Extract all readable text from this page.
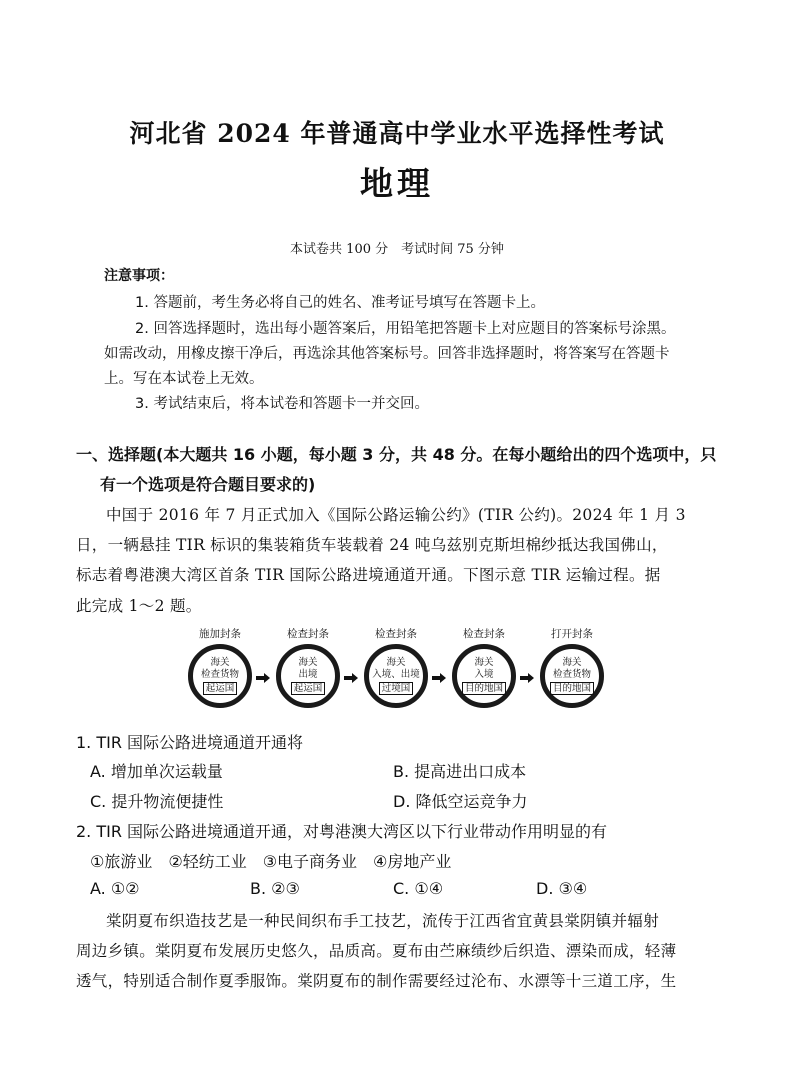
河北省 2024 年普通高中学业水平选择性考试
地理
本试卷共 100 分　考试时间 75 分钟
注意事项：
1. 答题前，考生务必将自己的姓名、准考证号填写在答题卡上。
2. 回答选择题时，选出每小题答案后，用铅笔把答题卡上对应题目的答案标号涂黑。
如需改动，用橡皮擦干净后，再选涂其他答案标号。回答非选择题时，将答案写在答题卡
上。写在本试卷上无效。
3. 考试结束后，将本试卷和答题卡一并交回。
一、选择题(本大题共 16 小题，每小题 3 分，共 48 分。在每小题给出的四个选项中，只
有一个选项是符合题目要求的)
中国于 2016 年 7 月正式加入《国际公路运输公约》(TIR 公约)。2024 年 1 月 3
日，一辆悬挂 TIR 标识的集装箱货车装载着 24 吨乌兹别克斯坦棉纱抵达我国佛山，
标志着粤港澳大湾区首条 TIR 国际公路进境通道开通。下图示意 TIR 运输过程。据
此完成 1～2 题。
施加封条
海关
检查货物
起运国
检查封条
海关
出境
起运国
检查封条
海关
入境、出境
过境国
检查封条
海关
入境
目的地国
打开封条
海关
检查货物
目的地国
1. TIR 国际公路进境通道开通将
A. 增加单次运载量	B. 提高进出口成本
C. 提升物流便捷性	D. 降低空运竞争力
2. TIR 国际公路进境通道开通，对粤港澳大湾区以下行业带动作用明显的有
①旅游业　②轻纺工业　③电子商务业　④房地产业
A. ①②	B. ②③	C. ①④	D. ③④
棠阴夏布织造技艺是一种民间织布手工技艺，流传于江西省宜黄县棠阴镇并辐射
周边乡镇。棠阴夏布发展历史悠久，品质高。夏布由苎麻绩纱后织造、漂染而成，轻薄
透气，特别适合制作夏季服饰。棠阴夏布的制作需要经过沦布、水漂等十三道工序，生
